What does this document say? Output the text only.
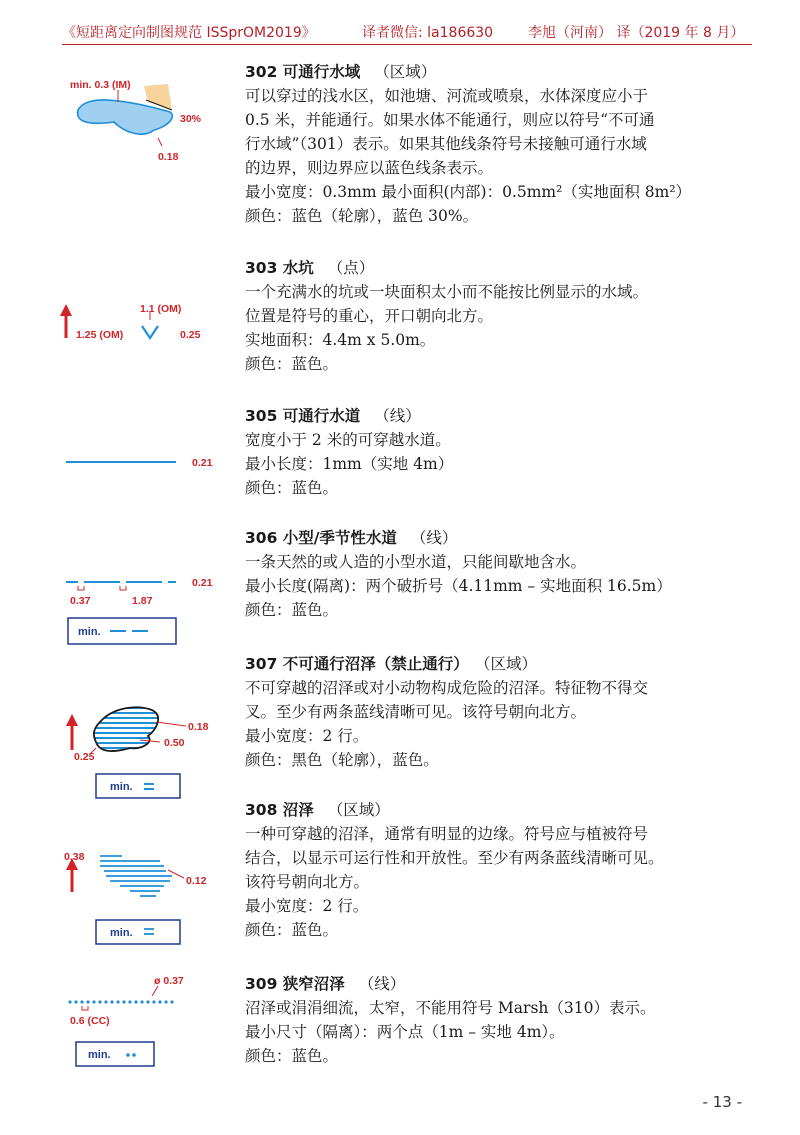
《短距离定向制图规范 ISSprOM2019》	译者微信: la186630 李旭（河南） 译（2019 年 8 月）
min. 0.3 (IM)
30%
0.18
302 可通行水域 （区域）
可以穿过的浅水区，如池塘、河流或喷泉，水体深度应小于
0.5 米，并能通行。如果水体不能通行，则应以符号“不可通
行水域”（301）表示。如果其他线条符号未接触可通行水域
的边界，则边界应以蓝色线条表示。
最小宽度：0.3mm 最小面积(内部)：0.5mm²（实地面积 8m²）
颜色：蓝色（轮廓），蓝色 30%。
1.1 (OM)
1.25 (OM)	0.25
303 水坑 （点）
一个充满水的坑或一块面积太小而不能按比例显示的水域。
位置是符号的重心，开口朝向北方。
实地面积：4.4m x 5.0m。
颜色：蓝色。
0.21
305 可通行水道 （线）
宽度小于 2 米的可穿越水道。
最小长度：1mm（实地 4m）
颜色：蓝色。
0.21
0.37	1.87
min.
306 小型/季节性水道 （线）
一条天然的或人造的小型水道，只能间歇地含水。
最小长度(隔离)：两个破折号（4.11mm – 实地面积 16.5m）
颜色：蓝色。
0.18
0.50
0.25
min.
307 不可通行沼泽（禁止通行） （区域）
不可穿越的沼泽或对小动物构成危险的沼泽。特征物不得交
叉。至少有两条蓝线清晰可见。该符号朝向北方。
最小宽度：2 行。
颜色：黑色（轮廓），蓝色。
0.38
0.12
min.
308 沼泽 （区域）
一种可穿越的沼泽，通常有明显的边缘。符号应与植被符号
结合，以显示可运行性和开放性。至少有两条蓝线清晰可见。
该符号朝向北方。
最小宽度：2 行。
颜色：蓝色。
ø 0.37
0.6 (CC)
min.
309 狭窄沼泽 （线）
沼泽或涓涓细流，太窄，不能用符号 Marsh（310）表示。
最小尺寸（隔离）：两个点（1m – 实地 4m）。
颜色：蓝色。
- 13 -
